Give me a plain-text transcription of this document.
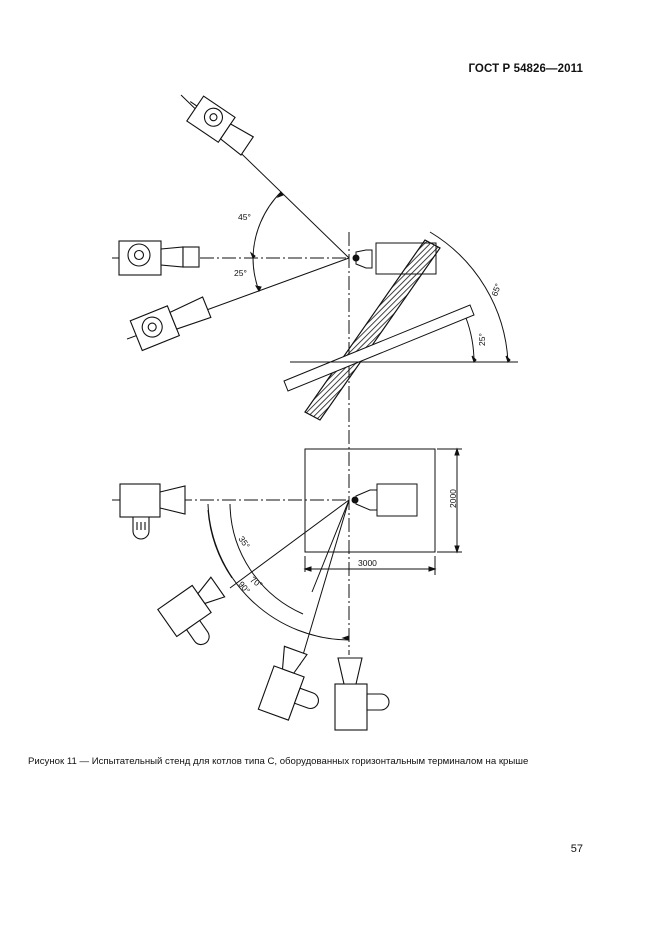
ГОСТ Р 54826—2011
45°
25°
65°
25°
35°
70°
90°
3000
2000
Рисунок 11 — Испытательный стенд для котлов типа С, оборудованных горизонтальным терминалом на крыше
57
